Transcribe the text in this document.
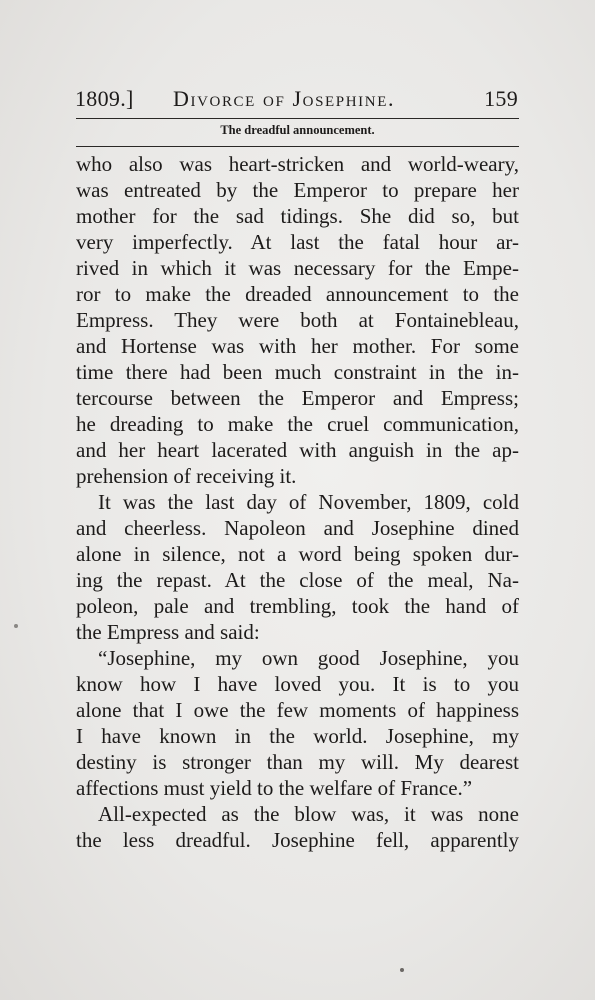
1809.] Divorce of Josephine.	159
The dreadful announcement.
who also was heart-stricken and world-weary,
was entreated by the Emperor to prepare her
mother for the sad tidings. She did so, but
very imperfectly. At last the fatal hour ar-
rived in which it was necessary for the Empe-
ror to make the dreaded announcement to the
Empress. They were both at Fontainebleau,
and Hortense was with her mother. For some
time there had been much constraint in the in-
tercourse between the Emperor and Empress;
he dreading to make the cruel communication,
and her heart lacerated with anguish in the ap-
prehension of receiving it.
It was the last day of November, 1809, cold
and cheerless. Napoleon and Josephine dined
alone in silence, not a word being spoken dur-
ing the repast. At the close of the meal, Na-
poleon, pale and trembling, took the hand of
the Empress and said:
“Josephine, my own good Josephine, you
know how I have loved you. It is to you
alone that I owe the few moments of happiness
I have known in the world. Josephine, my
destiny is stronger than my will. My dearest
affections must yield to the welfare of France.”
All-expected as the blow was, it was none
the less dreadful. Josephine fell, apparently
